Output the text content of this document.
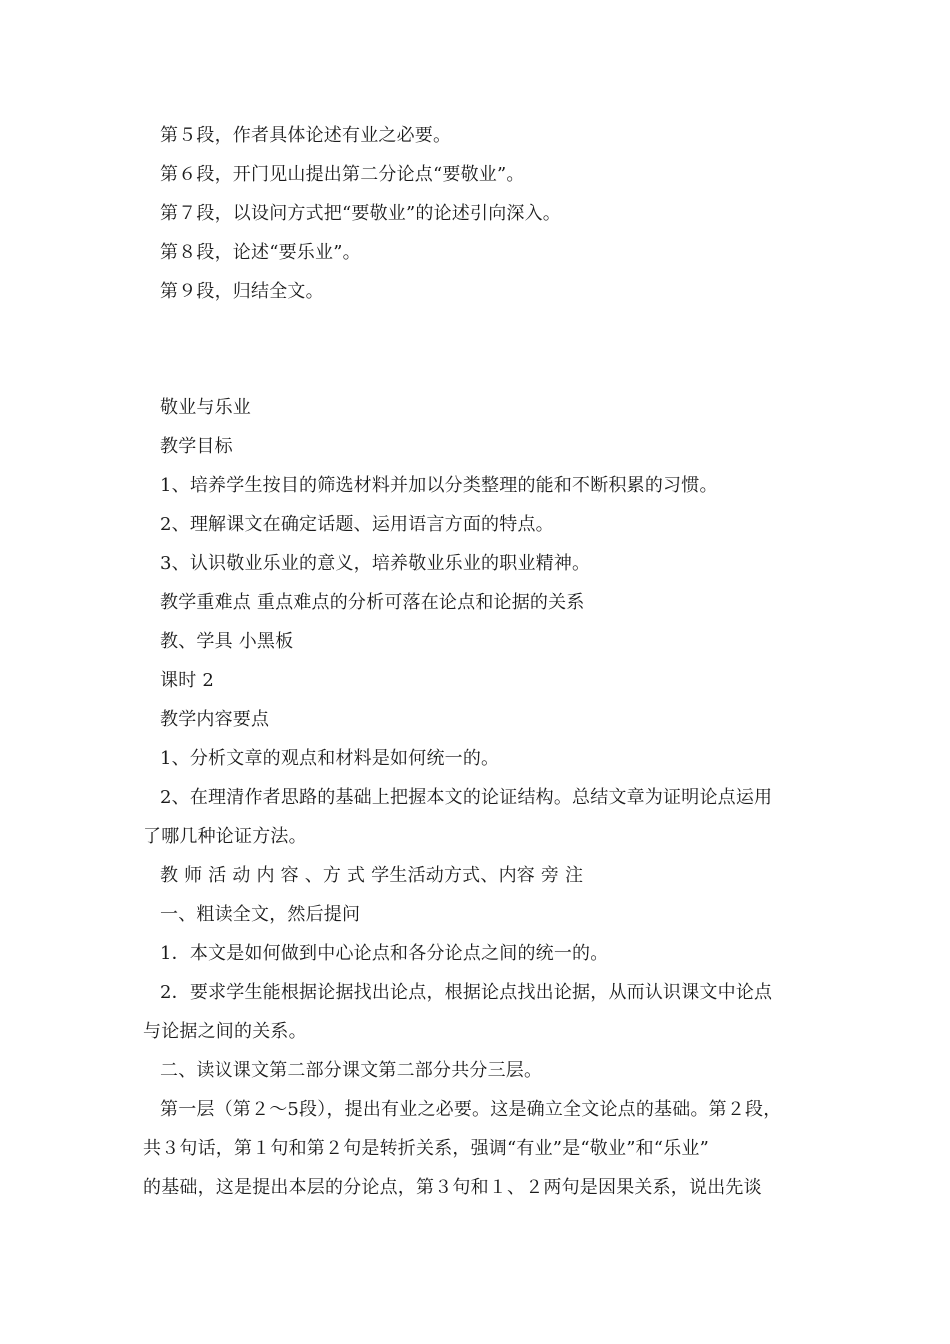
第５段，作者具体论述有业之必要。
第６段，开门见山提出第二分论点“要敬业”。
第７段，以设问方式把“要敬业”的论述引向深入。
第８段，论述“要乐业”。
第９段，归结全文。
敬业与乐业
教学目标
1、培养学生按目的筛选材料并加以分类整理的能和不断积累的习惯。
2、理解课文在确定话题、运用语言方面的特点。
3、认识敬业乐业的意义，培养敬业乐业的职业精神。
教学重难点 重点难点的分析可落在论点和论据的关系
教、学具 小黑板
课时 2
教学内容要点
1、分析文章的观点和材料是如何统一的。
2、在理清作者思路的基础上把握本文的论证结构。总结文章为证明论点运用
了哪几种论证方法。
教 师 活 动 内 容 、方 式 学生活动方式、内容 旁 注
一、粗读全文，然后提问
1．本文是如何做到中心论点和各分论点之间的统一的。
2．要求学生能根据论据找出论点，根据论点找出论据，从而认识课文中论点
与论据之间的关系。
二、读议课文第二部分课文第二部分共分三层。
第一层（第２～5段），提出有业之必要。这是确立全文论点的基础。第２段，
共３句话，第１句和第２句是转折关系，强调“有业”是“敬业”和“乐业”
的基础，这是提出本层的分论点，第３句和１、２两句是因果关系，说出先谈
